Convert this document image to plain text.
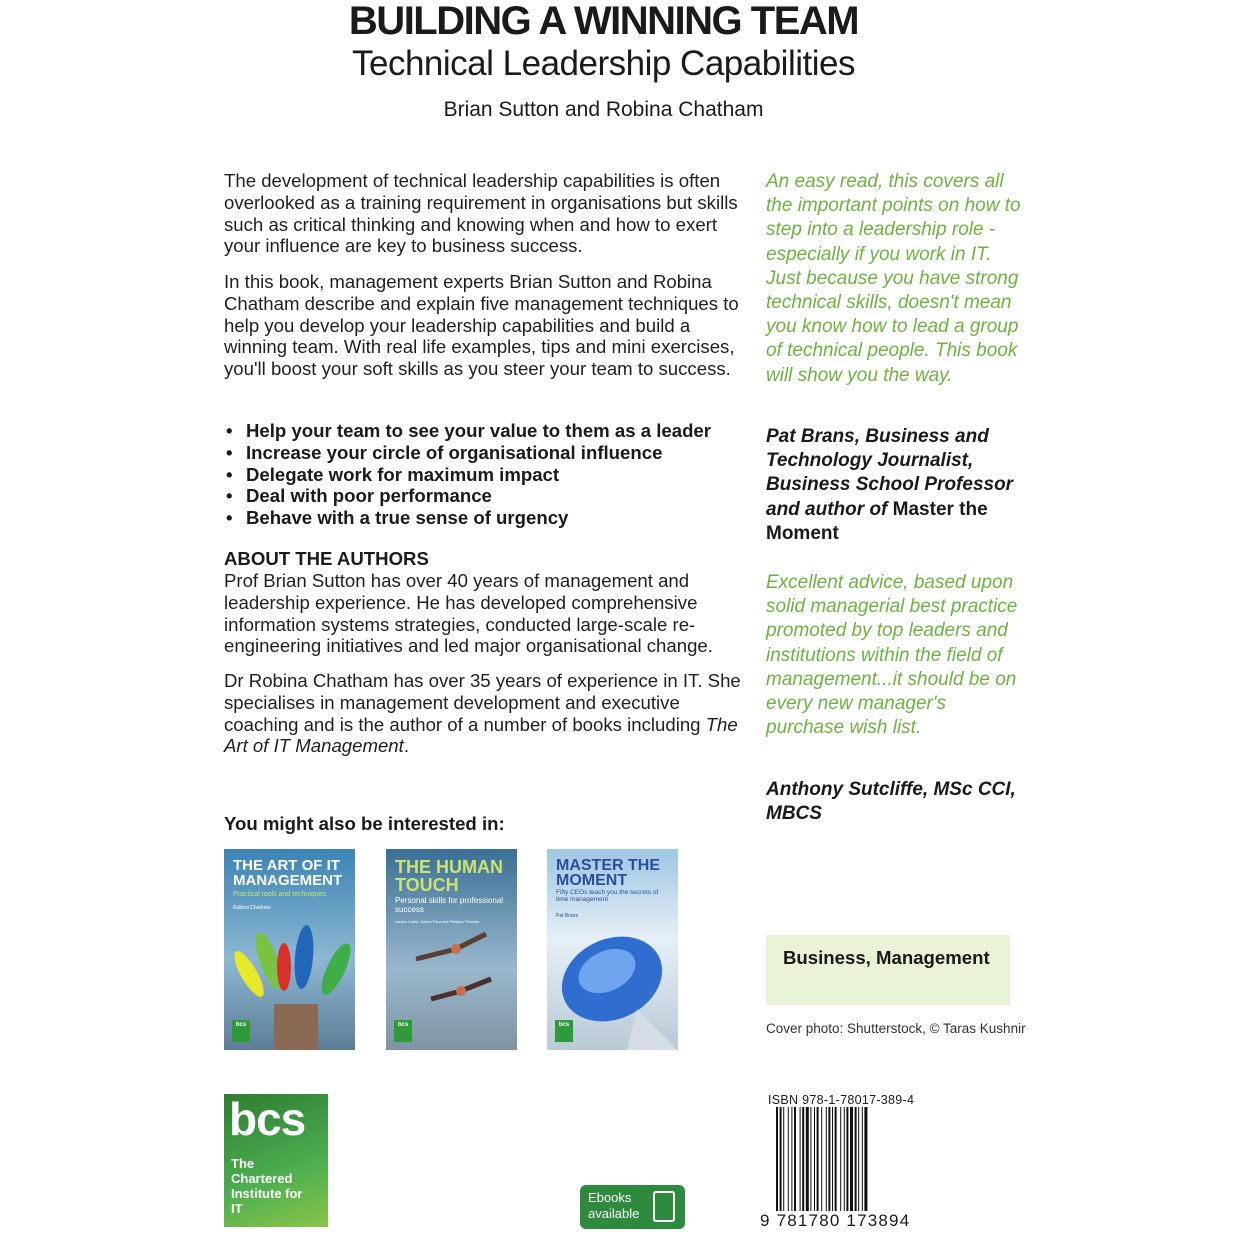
BUILDING A WINNING TEAM
Technical Leadership Capabilities
Brian Sutton and Robina Chatham

The development of technical leadership capabilities is often overlooked as a training requirement in organisations but skills such as critical thinking and knowing when and how to exert your influence are key to business success.

In this book, management experts Brian Sutton and Robina Chatham describe and explain five management techniques to help you develop your leadership capabilities and build a winning team. With real life examples, tips and mini exercises, you'll boost your soft skills as you steer your team to success.

• Help your team to see your value to them as a leader
• Increase your circle of organisational influence
• Delegate work for maximum impact
• Deal with poor performance
• Behave with a true sense of urgency
ABOUT THE AUTHORS

Prof Brian Sutton has over 40 years of management and leadership experience. He has developed comprehensive information systems strategies, conducted large-scale re-engineering initiatives and led major organisational change.

Dr Robina Chatham has over 35 years of experience in IT. She specialises in management development and executive coaching and is the author of a number of books including The Art of IT Management.

You might also be interested in:
THE ART OF IT MANAGEMENT
Practical tools and techniques
Robina Chatham
bcs
THE HUMAN TOUCH
Personal skills for professional success
James Cadle, Debra Paul and Philippa Thomas
bcs
MASTER THE MOMENT
Fifty CEOs teach you the secrets of time management
Pat Brans
bcs
An easy read, this covers all the important points on how to step into a leadership role - especially if you work in IT. Just because you have strong technical skills, doesn't mean you know how to lead a group of technical people. This book will show you the way.
Pat Brans, Business and Technology Journalist, Business School Professor and author of Master the Moment
Excellent advice, based upon solid managerial best practice promoted by top leaders and institutions within the field of management...it should be on every new manager's purchase wish list.
Anthony Sutcliffe, MSc CCI, MBCS
Business, Management
Cover photo: Shutterstock, © Taras Kushnir
bcs
The Chartered Institute for IT
Ebooks
available
ISBN 978-1-78017-389-4
9 781780 173894
